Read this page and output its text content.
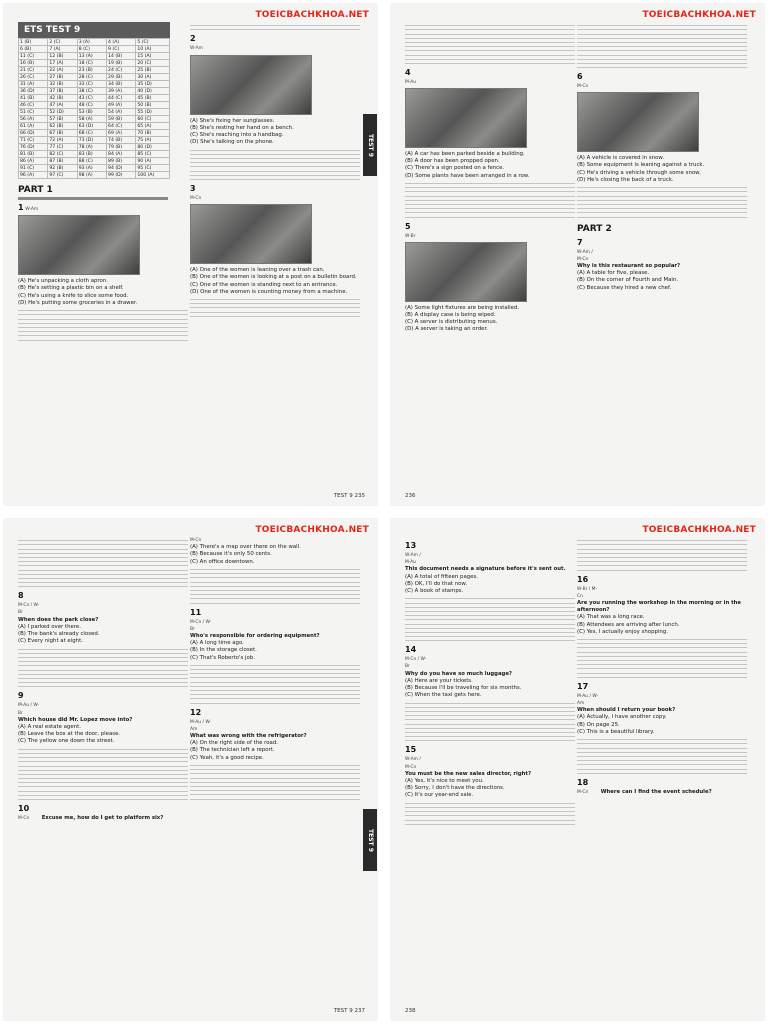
TOEICBACHKHOA.NET
ETS TEST 9
1 (B)	2 (C)	3 (A)	4 (A)	5 (C)
6 (B)	7 (A)	8 (C)	9 (C)	10 (A)
11 (C)	12 (B)	13 (A)	14 (B)	15 (A)
16 (B)	17 (A)	18 (C)	19 (B)	20 (C)
21 (C)	22 (A)	23 (B)	24 (C)	25 (B)
26 (C)	27 (B)	28 (C)	29 (B)	30 (A)
31 (A)	32 (B)	33 (C)	34 (B)	35 (D)
36 (D)	37 (B)	38 (C)	39 (A)	40 (D)
41 (B)	42 (B)	43 (C)	44 (C)	45 (B)
46 (C)	47 (A)	48 (C)	49 (A)	50 (B)
51 (C)	52 (D)	53 (B)	54 (A)	55 (D)
56 (A)	57 (B)	58 (A)	59 (B)	60 (C)
61 (A)	62 (B)	63 (D)	64 (C)	65 (A)
66 (D)	67 (B)	68 (C)	69 (A)	70 (B)
71 (C)	72 (A)	73 (D)	74 (B)	75 (A)
76 (D)	77 (C)	78 (A)	79 (B)	80 (D)
81 (B)	82 (C)	83 (B)	84 (A)	85 (C)
86 (A)	87 (B)	88 (C)	89 (B)	90 (A)
91 (C)	92 (B)	93 (A)	94 (D)	95 (C)
96 (A)	97 (C)	98 (A)	99 (D)	100 (A)
PART 1
1 W-Am
(A) He's unpacking a cloth apron.
(B) He's setting a plastic bin on a shelf.
(C) He's using a knife to slice some food.
(D) He's putting some groceries in a drawer.
2
W-Am
(A) She's fixing her sunglasses.
(B) She's resting her hand on a bench.
(C) She's reaching into a handbag.
(D) She's talking on the phone.
3
M-Cn
(A) One of the women is leaning over a trash can.
(B) One of the women is looking at a post on a bulletin board.
(C) One of the women is standing next to an entrance.
(D) One of the women is counting money from a machine.
TEST 9
TEST 9 235
TOEICBACHKHOA.NET
4
M-Au
(A) A car has been parked beside a building.
(B) A door has been propped open.
(C) There's a sign posted on a fence.
(D) Some plants have been arranged in a row.
5
W-Br
(A) Some light fixtures are being installed.
(B) A display case is being wiped.
(C) A server is distributing menus.
(D) A server is taking an order.
6
M-Cn
(A) A vehicle is covered in snow.
(B) Some equipment is leaning against a truck.
(C) He's driving a vehicle through some snow.
(D) He's closing the back of a truck.
PART 2
7
W-Am / M-Cn
Why is this restaurant so popular?
(A) A table for five, please.
(B) On the corner of Fourth and Main.
(C) Because they hired a new chef.
236
TOEICBACHKHOA.NET
8
M-Cn / W-Br
When does the park close?
(A) I parked over there.
(B) The bank's already closed.
(C) Every night at eight.
9
M-Au / W-Br
Which house did Mr. Lopez move into?
(A) A real estate agent.
(B) Leave the box at the door, please.
(C) The yellow one down the street.
10
M-Cn Excuse me, how do I get to platform six?
M-Cn
(A) There's a map over there on the wall.
(B) Because it's only 50 cents.
(C) An office downtown.
11
M-Cn / W-Br
Who's responsible for ordering equipment?
(A) A long time ago.
(B) In the storage closet.
(C) That's Roberto's job.
12
M-Au / W-Am
What was wrong with the refrigerator?
(A) On the right side of the road.
(B) The technician left a report.
(C) Yeah, it's a good recipe.
TEST 9
TEST 9 237
TOEICBACHKHOA.NET
13
W-Am / M-Au
This document needs a signature before it's sent out.
(A) A total of fifteen pages.
(B) OK, I'll do that now.
(C) A book of stamps.
14
M-Cn / W-Br
Why do you have so much luggage?
(A) Here are your tickets.
(B) Because I'll be traveling for six months.
(C) When the taxi gets here.
15
W-Am / M-Cn
You must be the new sales director, right?
(A) Yes, it's nice to meet you.
(B) Sorry, I don't have the directions.
(C) It's our year-end sale.
16
W-Br / M-Cn
Are you running the workshop in the morning or in the afternoon?
(A) That was a long race.
(B) Attendees are arriving after lunch.
(C) Yes, I actually enjoy shopping.
17
M-Au / W-Am
When should I return your book?
(A) Actually, I have another copy.
(B) On page 25.
(C) This is a beautiful library.
18
M-Cn Where can I find the event schedule?
238
